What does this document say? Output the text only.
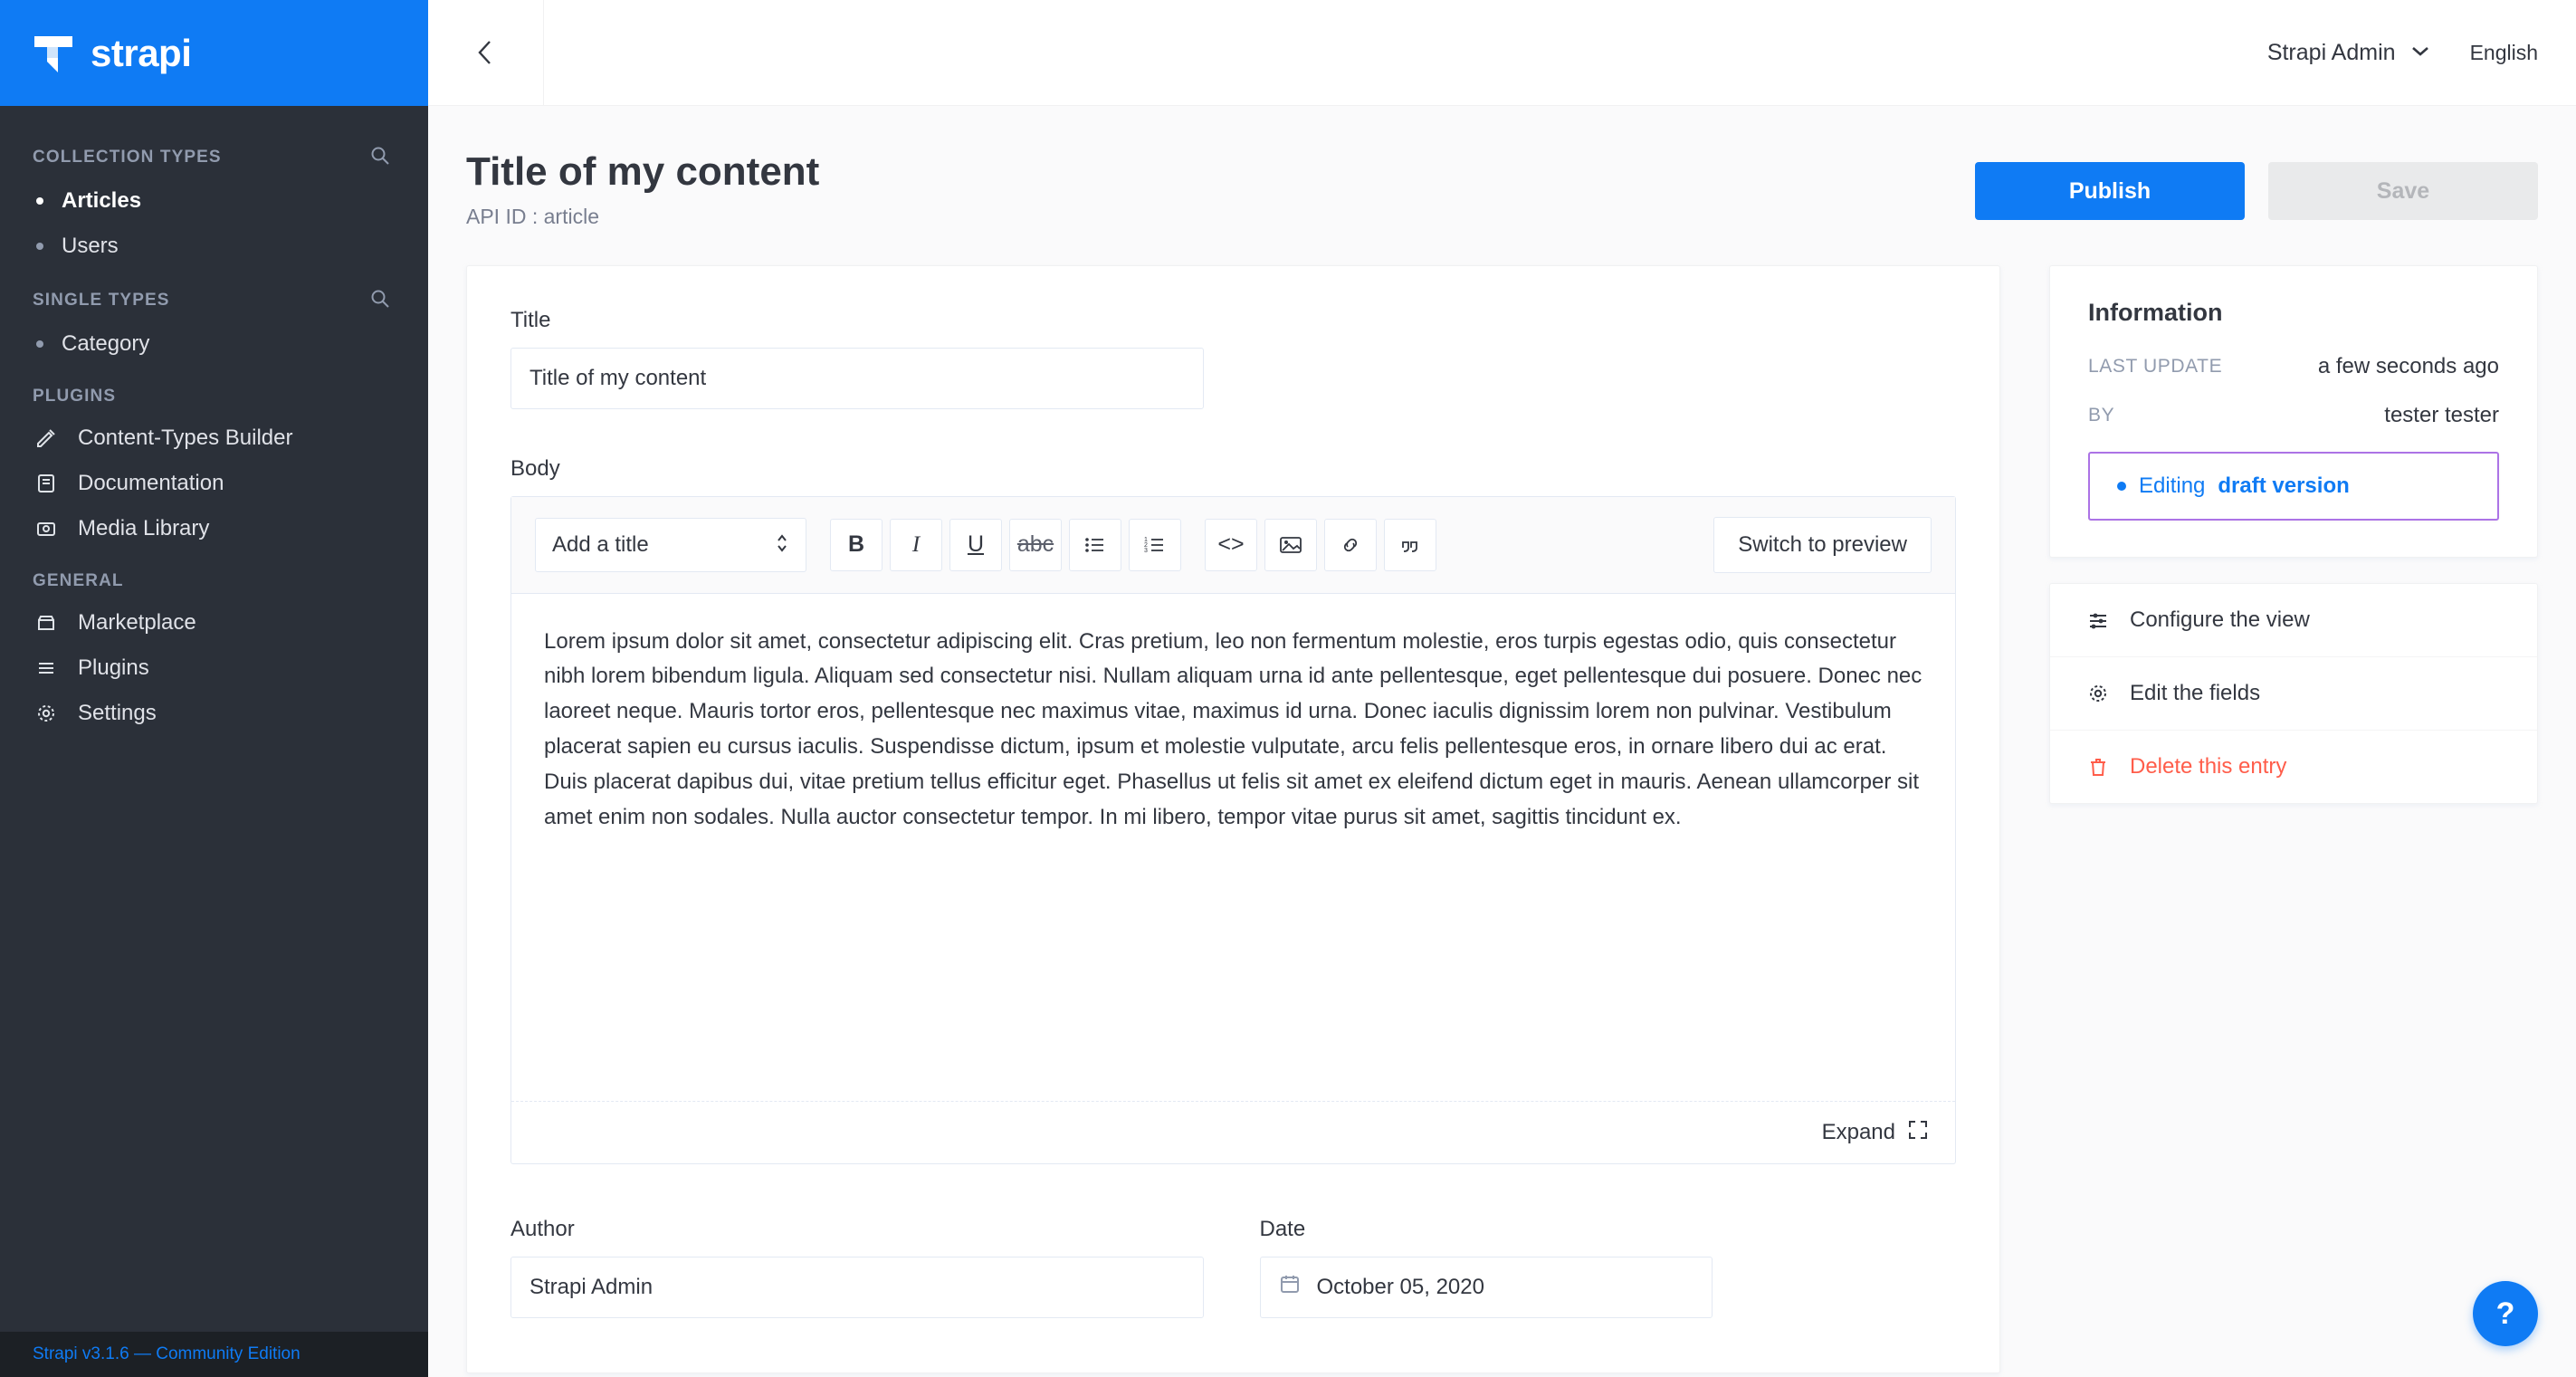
strapi
COLLECTION TYPES
Articles
Users
SINGLE TYPES
Category
PLUGINS
Content-Types Builder
Documentation
Media Library
GENERAL
Marketplace
Plugins
Settings
Strapi v3.1.6 — Community Edition
Strapi Admin	English
Title of my content
API ID : article
Publish	Save
Title
Title of my content
Body
Add a title	B	I	U	abc	1
2
3	<>	Switch to preview
Lorem ipsum dolor sit amet, consectetur adipiscing elit. Cras pretium, leo non fermentum molestie, eros turpis egestas odio, quis consectetur nibh lorem bibendum ligula. Aliquam sed consectetur nisi. Nullam aliquam urna id ante pellentesque, eget pellentesque dui posuere. Donec nec laoreet neque. Mauris tortor eros, pellentesque nec maximus vitae, maximus id urna. Donec iaculis dignissim lorem non pulvinar. Vestibulum placerat sapien eu cursus iaculis. Suspendisse dictum, ipsum et molestie vulputate, arcu felis pellentesque eros, in ornare libero dui ac erat. Duis placerat dapibus dui, vitae pretium tellus efficitur eget. Phasellus ut felis sit amet ex eleifend dictum eget in mauris. Aenean ullamcorper sit amet enim non sodales. Nulla auctor consectetur tempor. In mi libero, tempor vitae purus sit amet, sagittis tincidunt ex.
Expand
Author
Strapi Admin	Date
October 05, 2020
Information
LAST UPDATE	a few seconds ago
BY	tester tester
Editing draft version
Configure the view
Edit the fields
Delete this entry
?
